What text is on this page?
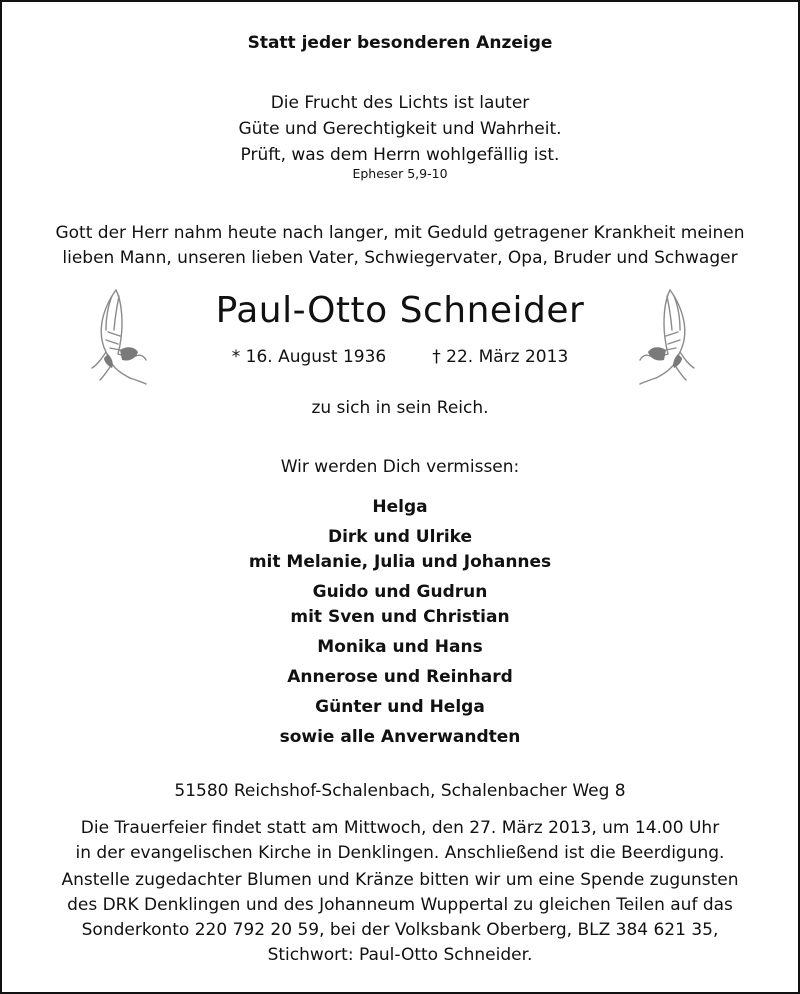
Statt jeder besonderen Anzeige
Die Frucht des Lichts ist lauter
Güte und Gerechtigkeit und Wahrheit.
Prüft, was dem Herrn wohlgefällig ist.
Epheser 5,9-10
Gott der Herr nahm heute nach langer, mit Geduld getragener Krankheit meinen
lieben Mann, unseren lieben Vater, Schwiegervater, Opa, Bruder und Schwager
Paul-Otto Schneider
* 16. August 1936	† 22. März 2013
zu sich in sein Reich.
Wir werden Dich vermissen:
Helga
Dirk und Ulrike
mit Melanie, Julia und Johannes
Guido und Gudrun
mit Sven und Christian
Monika und Hans
Annerose und Reinhard
Günter und Helga
sowie alle Anverwandten
51580 Reichshof-Schalenbach, Schalenbacher Weg 8
Die Trauerfeier findet statt am Mittwoch, den 27. März 2013, um 14.00 Uhr
in der evangelischen Kirche in Denklingen. Anschließend ist die Beerdigung.
Anstelle zugedachter Blumen und Kränze bitten wir um eine Spende zugunsten
des DRK Denklingen und des Johanneum Wuppertal zu gleichen Teilen auf das
Sonderkonto 220 792 20 59, bei der Volksbank Oberberg, BLZ 384 621 35,
Stichwort: Paul-Otto Schneider.
